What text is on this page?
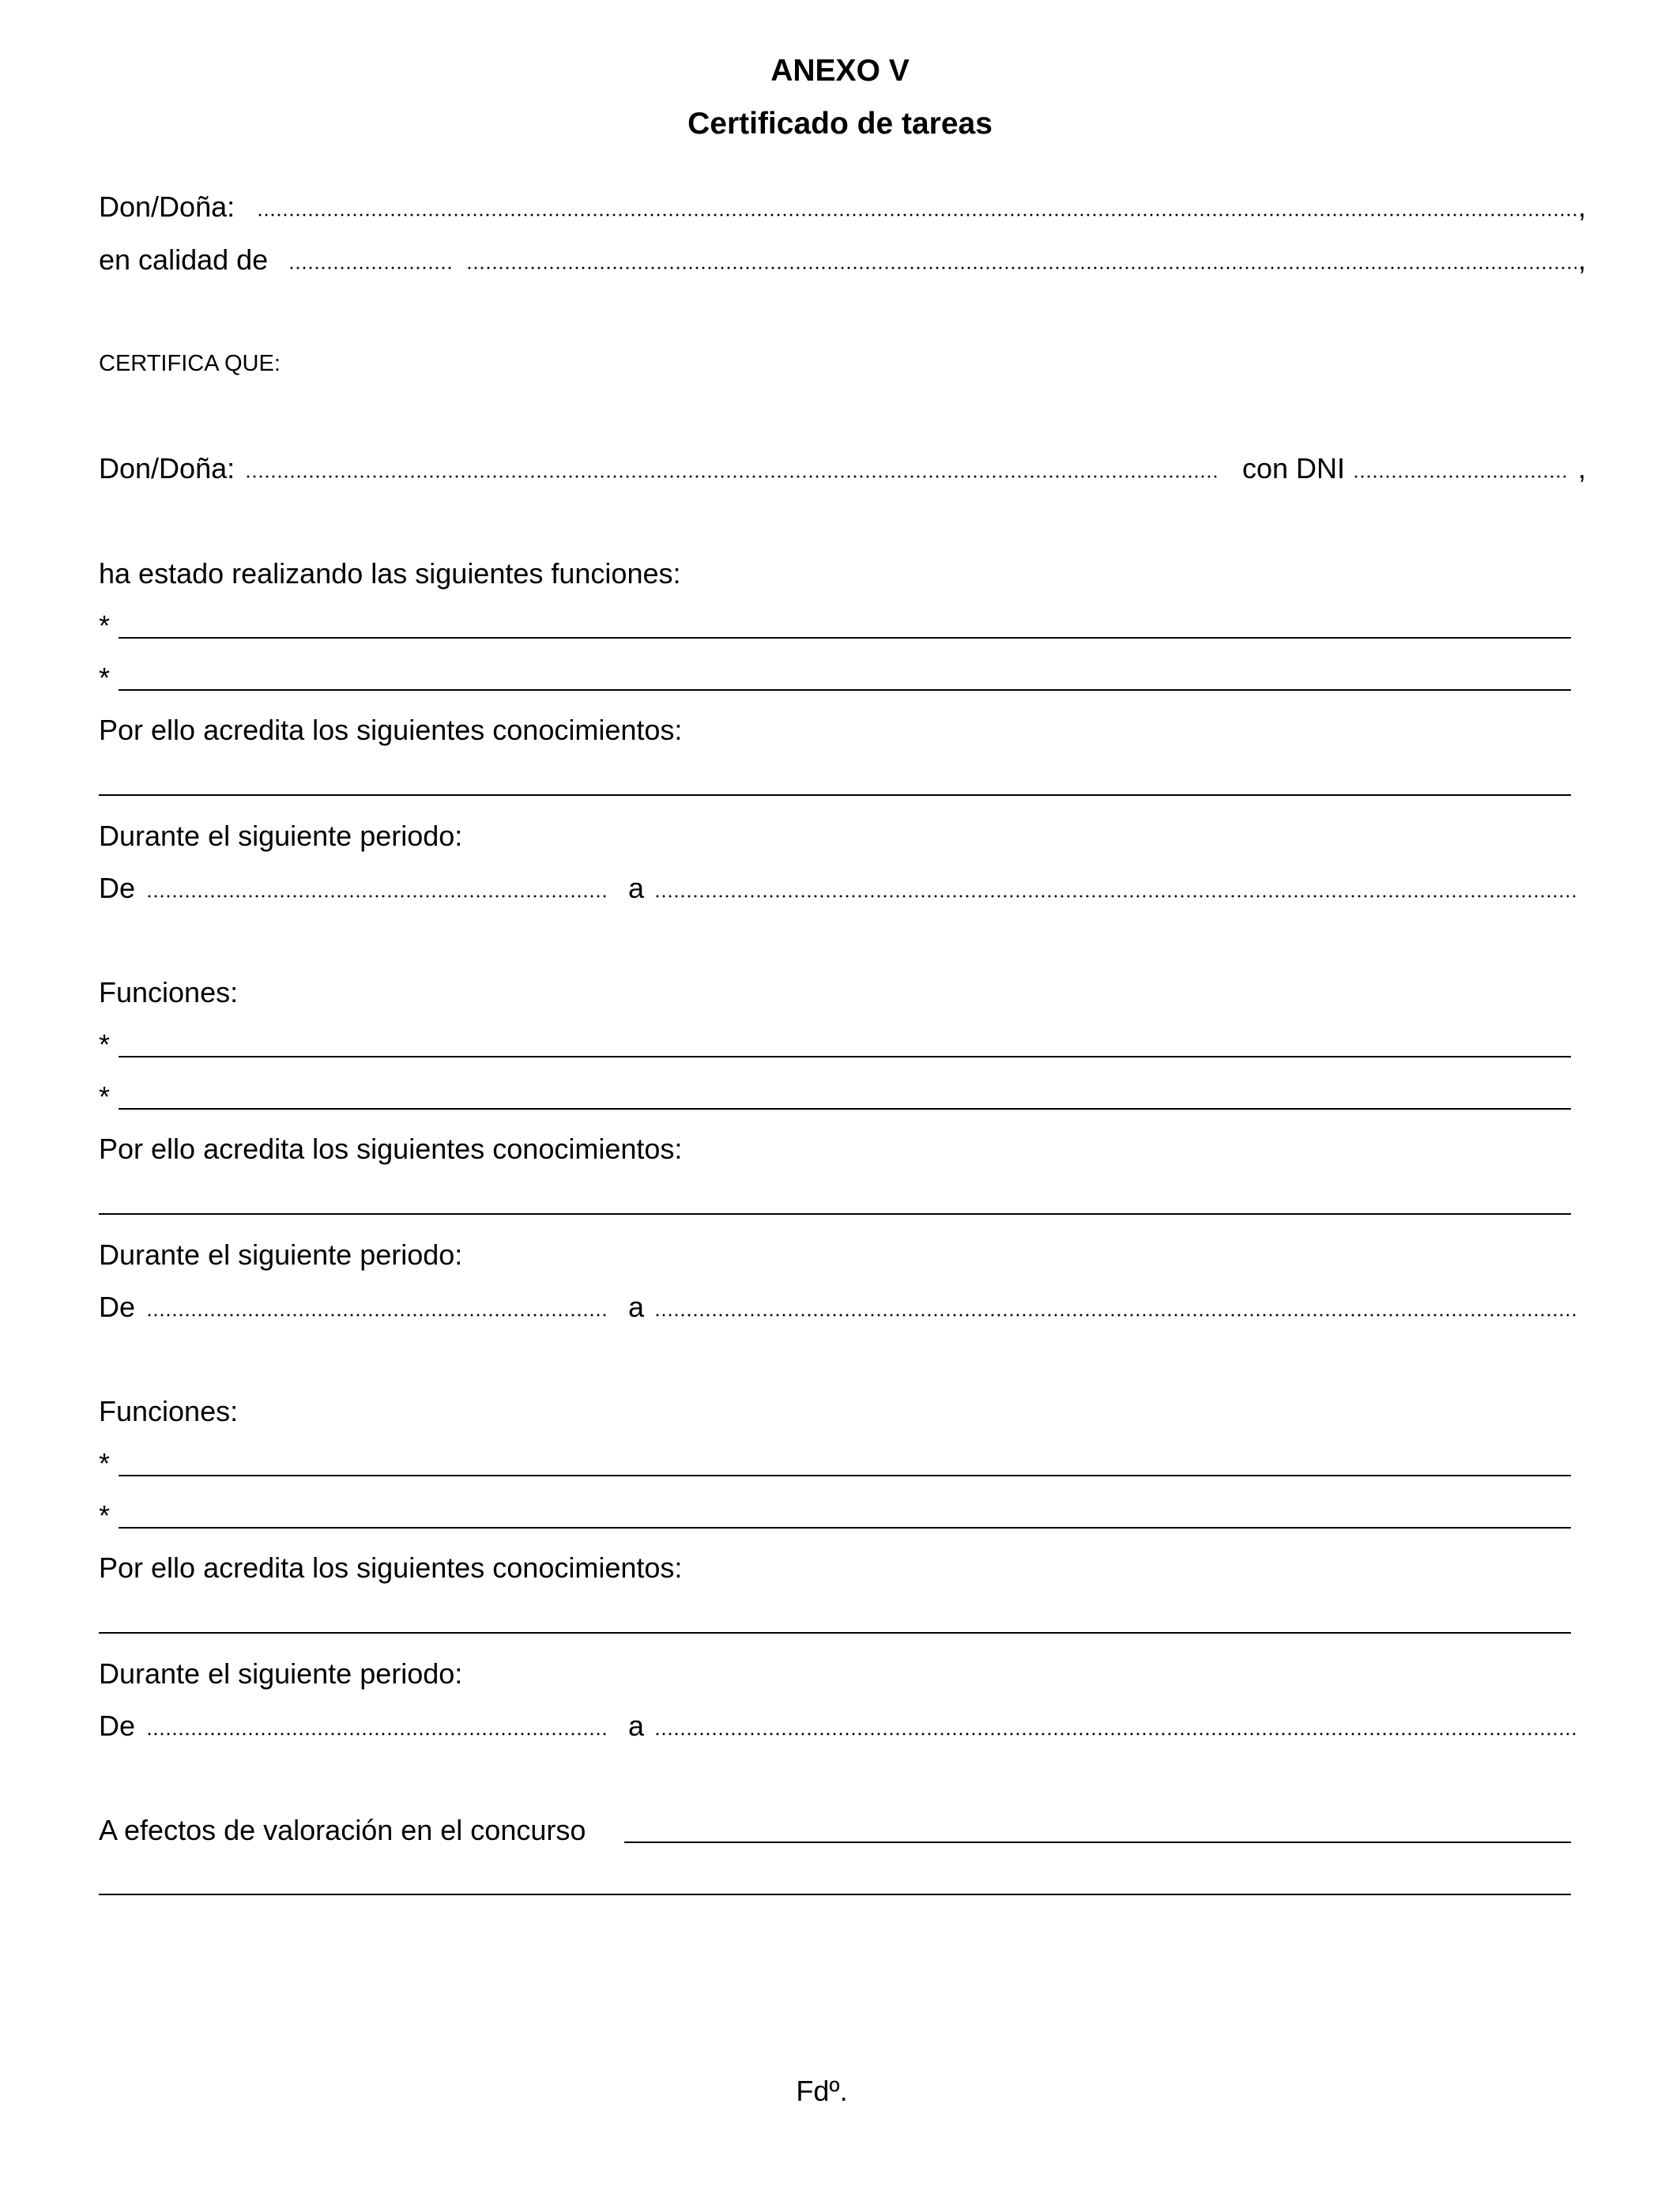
ANEXO V
Certificado de tareas
Don/Doña:	,
en calidad de	,
CERTIFICA QUE:
Don/Doña:	con DNI	,
ha estado realizando las siguientes funciones:
*
*
Por ello acredita los siguientes conocimientos:
Durante el siguiente periodo:
De	a
Funciones:
*
*
Por ello acredita los siguientes conocimientos:
Durante el siguiente periodo:
De	a
Funciones:
*
*
Por ello acredita los siguientes conocimientos:
Durante el siguiente periodo:
De	a
A efectos de valoración en el concurso
Fdº.
